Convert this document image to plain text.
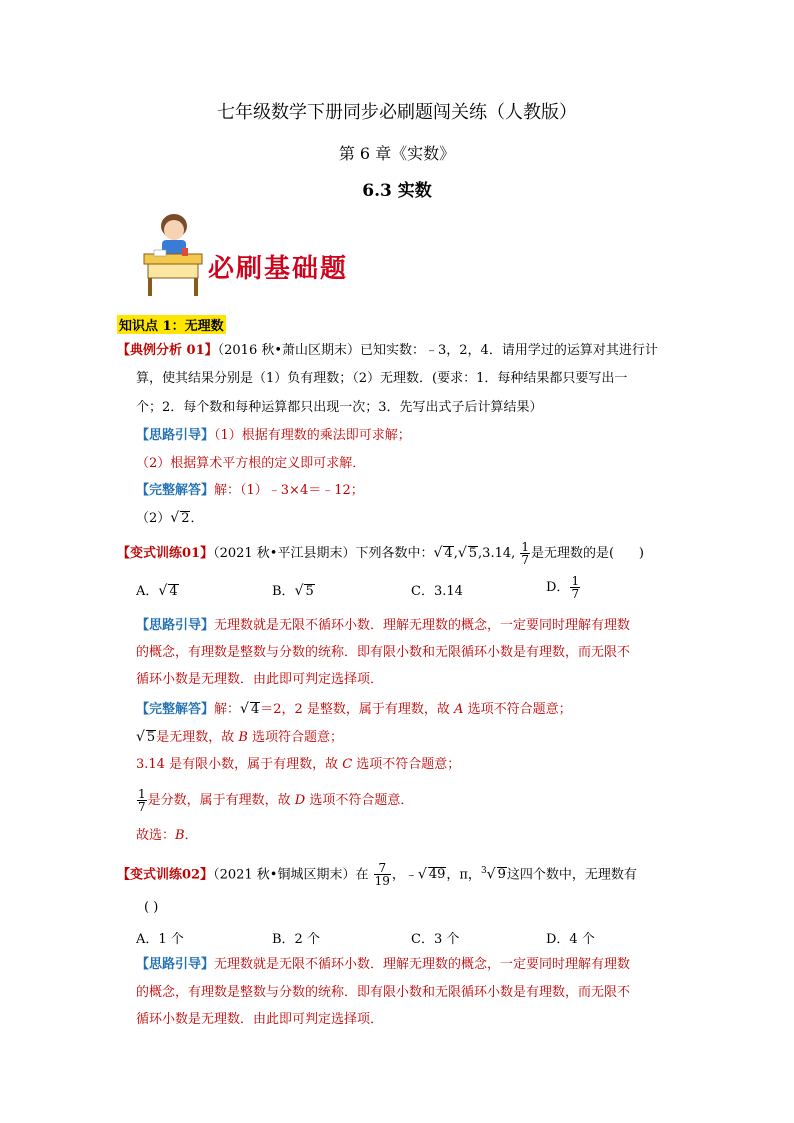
七年级数学下册同步必刷题闯关练（人教版）
第 6 章《实数》
6.3 实数
必刷基础题
知识点 1：无理数
【典例分析 01】（2016 秋•萧山区期末）已知实数：﹣3，2，4．请用学过的运算对其进行计
算，使其结果分别是（1）负有理数；（2）无理数．(要求：1．每种结果都只要写出一
个；2．每个数和每种运算都只出现一次；3．先写出式子后计算结果）
【思路引导】（1）根据有理数的乘法即可求解；
（2）根据算术平方根的定义即可求解．
【完整解答】解：（1）﹣3×4＝﹣12；
（2）√ 2．
【变式训练01】（2021 秋•平江县期末）下列各数中：√ 4,√ 5,3.14, $\frac{1}{7}$ 是无理数的是( )
A．√ 4	B．√ 5	C．3.14	D． $\frac{1}{7}$
【思路引导】无理数就是无限不循环小数．理解无理数的概念，一定要同时理解有理数
的概念，有理数是整数与分数的统称．即有限小数和无限循环小数是有理数，而无限不
循环小数是无理数．由此即可判定选择项．
【完整解答】解：√ 4＝2，2 是整数，属于有理数，故 A 选项不符合题意；
√ 5是无理数，故 B 选项符合题意；
3.14 是有限小数，属于有理数，故 C 选项不符合题意；
$\frac{1}{7}$ 是分数，属于有理数，故 D 选项不符合题意．
故选：B．
【变式训练02】（2021 秋•铜城区期末）在 $\frac{7}{19}$ ，﹣√ 49，π，$^3$√ 9这四个数中，无理数有
( )
A．1 个	B．2 个	C．3 个	D．4 个
【思路引导】无理数就是无限不循环小数．理解无理数的概念，一定要同时理解有理数
的概念，有理数是整数与分数的统称．即有限小数和无限循环小数是有理数，而无限不
循环小数是无理数．由此即可判定选择项．
